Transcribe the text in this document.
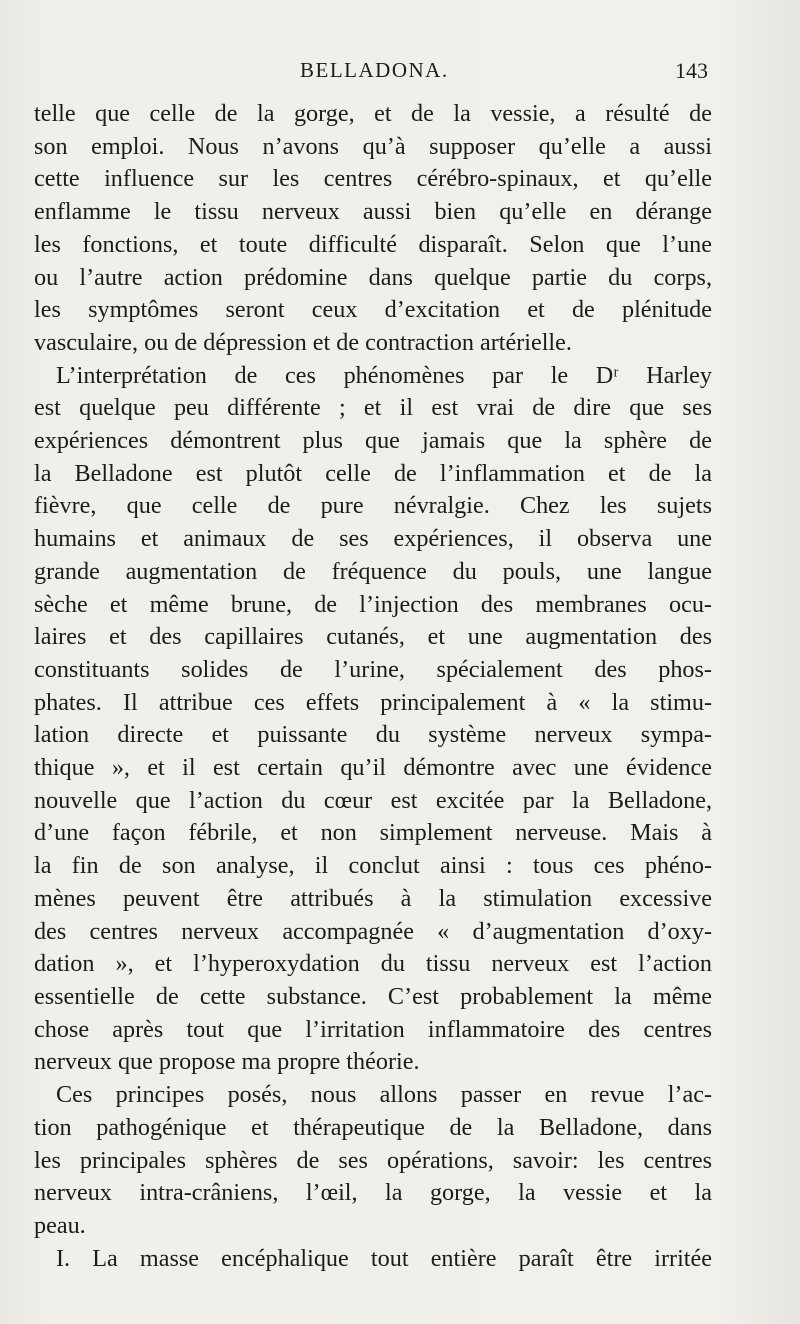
BELLADONA.	143
telle que celle de la gorge, et de la vessie, a résulté de
son emploi. Nous n’avons qu’à supposer qu’elle a aussi
cette influence sur les centres cérébro-spinaux, et qu’elle
enflamme le tissu nerveux aussi bien qu’elle en dérange
les fonctions, et toute difficulté disparaît. Selon que l’une
ou l’autre action prédomine dans quelque partie du corps,
les symptômes seront ceux d’excitation et de plénitude
vasculaire, ou de dépression et de contraction artérielle.
L’interprétation de ces phénomènes par le Dʳ Harley
est quelque peu différente ; et il est vrai de dire que ses
expériences démontrent plus que jamais que la sphère de
la Belladone est plutôt celle de l’inflammation et de la
fièvre, que celle de pure névralgie. Chez les sujets
humains et animaux de ses expériences, il observa une
grande augmentation de fréquence du pouls, une langue
sèche et même brune, de l’injection des membranes ocu-
laires et des capillaires cutanés, et une augmentation des
constituants solides de l’urine, spécialement des phos-
phates. Il attribue ces effets principalement à « la stimu-
lation directe et puissante du système nerveux sympa-
thique », et il est certain qu’il démontre avec une évidence
nouvelle que l’action du cœur est excitée par la Belladone,
d’une façon fébrile, et non simplement nerveuse. Mais à
la fin de son analyse, il conclut ainsi : tous ces phéno-
mènes peuvent être attribués à la stimulation excessive
des centres nerveux accompagnée « d’augmentation d’oxy-
dation », et l’hyperoxydation du tissu nerveux est l’action
essentielle de cette substance. C’est probablement la même
chose après tout que l’irritation inflammatoire des centres
nerveux que propose ma propre théorie.
Ces principes posés, nous allons passer en revue l’ac-
tion pathogénique et thérapeutique de la Belladone, dans
les principales sphères de ses opérations, savoir: les centres
nerveux intra-crâniens, l’œil, la gorge, la vessie et la
peau.
I. La masse encéphalique tout entière paraît être irritée
